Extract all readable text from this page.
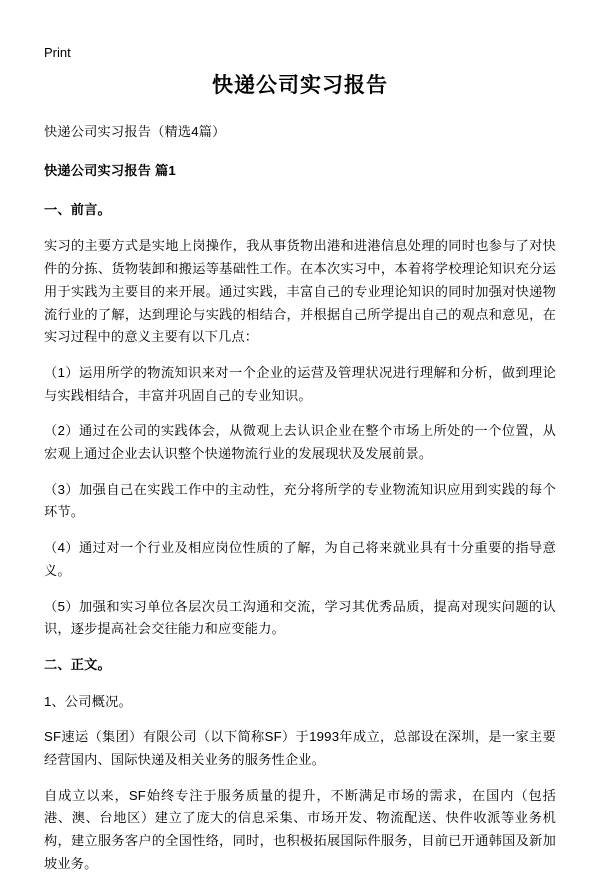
Print
快递公司实习报告

快递公司实习报告（精选4篇）

快递公司实习报告 篇1

一、前言。

实习的主要方式是实地上岗操作，我从事货物出港和进港信息处理的同时也参与了对快件的分拣、货物装卸和搬运等基础性工作。在本次实习中，本着将学校理论知识充分运用于实践为主要目的来开展。通过实践，丰富自己的专业理论知识的同时加强对快递物流行业的了解，达到理论与实践的相结合，并根据自己所学提出自己的观点和意见，在实习过程中的意义主要有以下几点：

（1）运用所学的物流知识来对一个企业的运营及管理状况进行理解和分析，做到理论与实践相结合，丰富并巩固自己的专业知识。

（2）通过在公司的实践体会，从微观上去认识企业在整个市场上所处的一个位置，从宏观上通过企业去认识整个快递物流行业的发展现状及发展前景。

（3）加强自己在实践工作中的主动性，充分将所学的专业物流知识应用到实践的每个环节。

（4）通过对一个行业及相应岗位性质的了解，为自己将来就业具有十分重要的指导意义。

（5）加强和实习单位各层次员工沟通和交流，学习其优秀品质，提高对现实问题的认识，逐步提高社会交往能力和应变能力。

二、正文。

1、公司概况。

SF速运（集团）有限公司（以下简称SF）于1993年成立，总部设在深圳，是一家主要经营国内、国际快递及相关业务的服务性企业。

自成立以来，SF始终专注于服务质量的提升，不断满足市场的需求，在国内（包括港、澳、台地区）建立了庞大的信息采集、市场开发、物流配送、快件收派等业务机构，建立服务客户的全国性络，同时，也积极拓展国际件服务，目前已开通韩国及新加坡业务。
